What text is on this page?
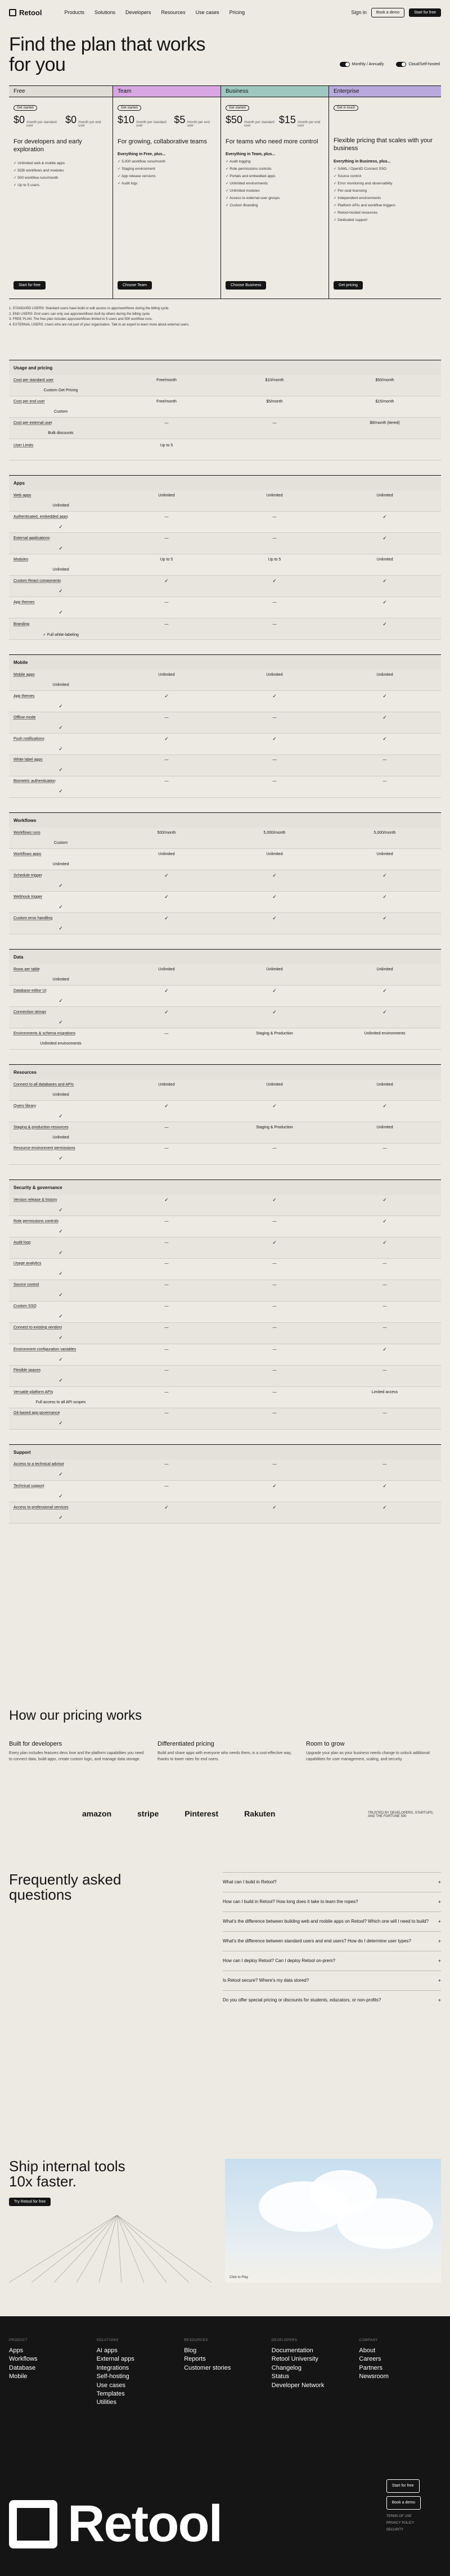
Retool	Products Solutions Developers Resources Use cases Pricing	Sign in	Book a demo	Start for free
Find the plan that works for you	Monthly / Annually	Cloud/Self-hosted
Free
Get started
$0 /month per standard user
$0 /month per end user
For developers and early exploration
✓ Unlimited web & mobile apps
✓ 5GB workflows and modules
✓ 500 workflow runs/month
✓ Up to 5 users
Start for free
Team
Get started
$10 /month per standard user
$5 /month per end user
For growing, collaborative teams
Everything in Free, plus...
✓ 5,000 workflow runs/month
✓ Staging environment
✓ App release versions
✓ Audit logs
Choose Team
Business
Get started
$50 /month per standard user
$15 /month per end user
For teams who need more control
Everything in Team, plus...
✓ Audit logging
✓ Role permissions controls
✓ Portals and embedded apps
✓ Unlimited environments
✓ Unlimited modules
✓ Access to external user groups
✓ Custom Branding
Choose Business
Enterprise
Get in touch
Flexible pricing that scales with your business
Everything in Business, plus...
✓ SAML / OpenID Connect SSO
✓ Source control
✓ Error monitoring and observability
✓ Per-seat licensing
✓ Independent environments
✓ Platform APIs and workflow triggers
✓ Retool-hosted resources
✓ Dedicated support
Get pricing
1. STANDARD USERS: Standard users have build or edit access to apps/workflows during the billing cycle.
2. END USERS: End users can only use apps/workflows built by others during the billing cycle.
3. FREE PLAN: The free plan includes apps/workflows limited to 5 users and 500 workflow runs.
4. EXTERNAL USERS: Users who are not part of your organization. Talk to an expert to learn more about external users.
Usage and pricing
Cost per standard user	Free/month	$10/month	$50/month
Custom Get Pricing
Cost per end user	Free/month	$5/month	$15/month
Custom
Cost per external user	—	—	$8/month (tiered)
Bulk discounts
User Limits	Up to 5
Apps
Web apps	Unlimited	Unlimited	Unlimited
Unlimited
Authenticated, embedded apps	—	—	✓
✓
External applications	—	—	✓
✓
Modules	Up to 5	Up to 5	Unlimited
Unlimited
Custom React components	✓	✓	✓
✓
App themes	—	—	✓
✓
Branding	—	—	✓
✓ Full white-labeling
Mobile
Mobile apps	Unlimited	Unlimited	Unlimited
Unlimited
App themes	✓	✓	✓
✓
Offline mode	—	—	✓
✓
Push notifications	✓	✓	✓
✓
White label apps	—	—	—
✓
Biometric authentication	—	—	—
✓
Workflows
Workflows runs	500/month	5,000/month	5,000/month
Custom
Workflows apps	Unlimited	Unlimited	Unlimited
Unlimited
Schedule trigger	✓	✓	✓
✓
Webhook trigger	✓	✓	✓
✓
Custom error handling	✓	✓	✓
✓
Data
Rows per table	Unlimited	Unlimited	Unlimited
Unlimited
Database editor UI	✓	✓	✓
✓
Connection strings	✓	✓	✓
✓
Environments & schema migrations	—	Staging & Production	Unlimited environments
Unlimited environments
Resources
Connect to all databases and APIs	Unlimited	Unlimited	Unlimited
Unlimited
Query library	✓	✓	✓
✓
Staging & production resources	—	Staging & Production	Unlimited
Unlimited
Resource environment permissions	—	—	—
✓
Security & governance
Version release & history	✓	✓	✓
✓
Role permissions controls	—	—	✓
✓
Audit logs	—	✓	✓
✓
Usage analytics	—	—	—
✓
Source control	—	—	—
✓
Custom SSO	—	—	—
✓
Connect to existing vendors	—	—	—
✓
Environment configuration variables	—	—	✓
✓
Flexible spaces	—	—	—
✓
Versatile platform APIs	—	—	Limited access
Full access to all API scopes
Git-based app governance	—	—	—
✓
Support
Access to a technical advisor	—	—	—
✓
Technical support	—	✓	✓
✓
Access to professional services	✓	✓	✓
✓
How our pricing works
Built for developers

Every plan includes features devs love and the platform capabilities you need to connect data, build apps, create custom logic, and manage data storage.

Differentiated pricing

Build and share apps with everyone who needs them, in a cost-effective way, thanks to lower rates for end users.

Room to grow

Upgrade your plan as your business needs change to unlock additional capabilities for user management, scaling, and security.

amazon	stripe	Pinterest	Rakuten	TRUSTED BY DEVELOPERS, STARTUPS, AND THE FORTUNE 500
Frequently asked questions
What can I build in Retool?	+
How can I build in Retool? How long does it take to learn the ropes?	+
What's the difference between building web and mobile apps on Retool? Which one will I need to build? +
What's the difference between standard users and end users? How do I determine user types?	+
How can I deploy Retool? Can I deploy Retool on-prem?	+
Is Retool secure? Where's my data stored?	+
Do you offer special pricing or discounts for students, educators, or non-profits?	+
Ship internal tools 10x faster.
Try Retool for free
Click to Play
PRODUCT
Apps
Workflows
Database
Mobile
SOLUTIONS
AI apps
External apps
Integrations
Self-hosting
Use cases
Templates
Utilities
RESOURCES
Blog
Reports
Customer stories
DEVELOPERS
Documentation
Retool University
Changelog
Status
Developer Network
COMPANY
About
Careers
Partners
Newsroom
Start for free
Book a demo
TERMS OF USE
PRIVACY POLICY
SECURITY
Retool
